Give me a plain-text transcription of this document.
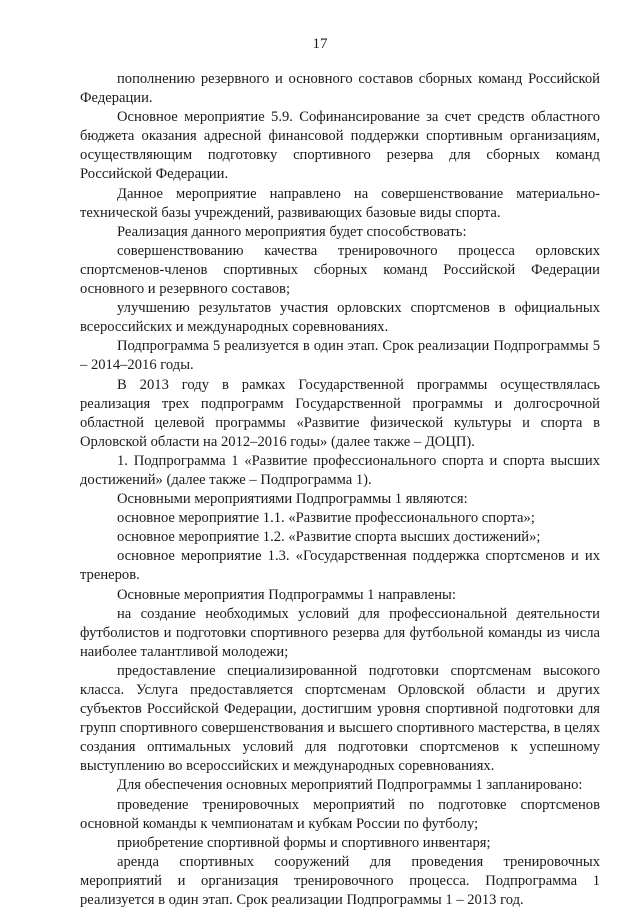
17

пополнению резервного и основного составов сборных команд Российской Федерации.

Основное мероприятие 5.9. Софинансирование за счет средств областного бюджета оказания адресной финансовой поддержки спортивным организациям, осуществляющим подготовку спортивного резерва для сборных команд Российской Федерации.

Данное мероприятие направлено на совершенствование материально-технической базы учреждений, развивающих базовые виды спорта.

Реализация данного мероприятия будет способствовать:

совершенствованию качества тренировочного процесса орловских спортсменов-членов спортивных сборных команд Российской Федерации основного и резервного составов;

улучшению результатов участия орловских спортсменов в официальных всероссийских и международных соревнованиях.

Подпрограмма 5 реализуется в один этап. Срок реализации Подпрограммы 5 – 2014–2016 годы.

В 2013 году в рамках Государственной программы осуществлялась реализация трех подпрограмм Государственной программы и долгосрочной областной целевой программы «Развитие физической культуры и спорта в Орловской области на 2012–2016 годы» (далее также – ДОЦП).

1. Подпрограмма 1 «Развитие профессионального спорта и спорта высших достижений» (далее также – Подпрограмма 1).

Основными мероприятиями Подпрограммы 1 являются:

основное мероприятие 1.1. «Развитие профессионального спорта»;

основное мероприятие 1.2. «Развитие спорта высших достижений»;

основное мероприятие 1.3. «Государственная поддержка спортсменов и их тренеров.

Основные мероприятия Подпрограммы 1 направлены:

на создание необходимых условий для профессиональной деятельности футболистов и подготовки спортивного резерва для футбольной команды из числа наиболее талантливой молодежи;

предоставление специализированной подготовки спортсменам высокого класса. Услуга предоставляется спортсменам Орловской области и других субъектов Российской Федерации, достигшим уровня спортивной подготовки для групп спортивного совершенствования и высшего спортивного мастерства, в целях создания оптимальных условий для подготовки спортсменов к успешному выступлению во всероссийских и международных соревнованиях.

Для обеспечения основных мероприятий Подпрограммы 1 запланировано:

проведение тренировочных мероприятий по подготовке спортсменов основной команды к чемпионатам и кубкам России по футболу;

приобретение спортивной формы и спортивного инвентаря;

аренда спортивных сооружений для проведения тренировочных мероприятий и организация тренировочного процесса. Подпрограмма 1 реализуется в один этап. Срок реализации Подпрограммы 1 – 2013 год.
